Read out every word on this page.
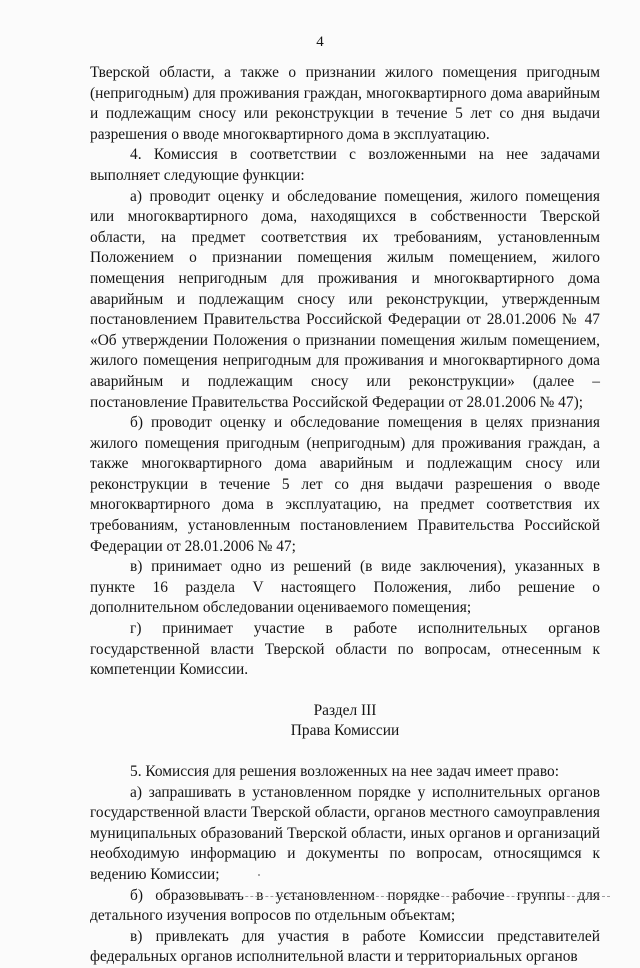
4

Тверской области, а также о признании жилого помещения пригодным (непригодным) для проживания граждан, многоквартирного дома аварийным и подлежащим сносу или реконструкции в течение 5 лет со дня выдачи разрешения о вводе многоквартирного дома в эксплуатацию.

4. Комиссия в соответствии с возложенными на нее задачами выполняет следующие функции:

а) проводит оценку и обследование помещения, жилого помещения или многоквартирного дома, находящихся в собственности Тверской области, на предмет соответствия их требованиям, установленным Положением о признании помещения жилым помещением, жилого помещения непригодным для проживания и многоквартирного дома аварийным и подлежащим сносу или реконструкции, утвержденным постановлением Правительства Российской Федерации от 28.01.2006 № 47 «Об утверждении Положения о признании помещения жилым помещением, жилого помещения непригодным для проживания и многоквартирного дома аварийным и подлежащим сносу или реконструкции» (далее – постановление Правительства Российской Федерации от 28.01.2006 № 47);

б) проводит оценку и обследование помещения в целях признания жилого помещения пригодным (непригодным) для проживания граждан, а также многоквартирного дома аварийным и подлежащим сносу или реконструкции в течение 5 лет со дня выдачи разрешения о вводе многоквартирного дома в эксплуатацию, на предмет соответствия их требованиям, установленным постановлением Правительства Российской Федерации от 28.01.2006 № 47;

в) принимает одно из решений (в виде заключения), указанных в пункте 16 раздела V настоящего Положения, либо решение о дополнительном обследовании оцениваемого помещения;

г) принимает участие в работе исполнительных органов государственной власти Тверской области по вопросам, отнесенным к компетенции Комиссии.

Раздел III

Права Комиссии

5. Комиссия для решения возложенных на нее задач имеет право:

а) запрашивать в установленном порядке у исполнительных органов государственной власти Тверской области, органов местного самоуправления муниципальных образований Тверской области, иных органов и организаций необходимую информацию и документы по вопросам, относящимся к ведению Комиссии;

б) образовывать в установленном порядке рабочие группы для детального изучения вопросов по отдельным объектам;

в) привлекать для участия в работе Комиссии представителей федеральных органов исполнительной власти и территориальных органов
